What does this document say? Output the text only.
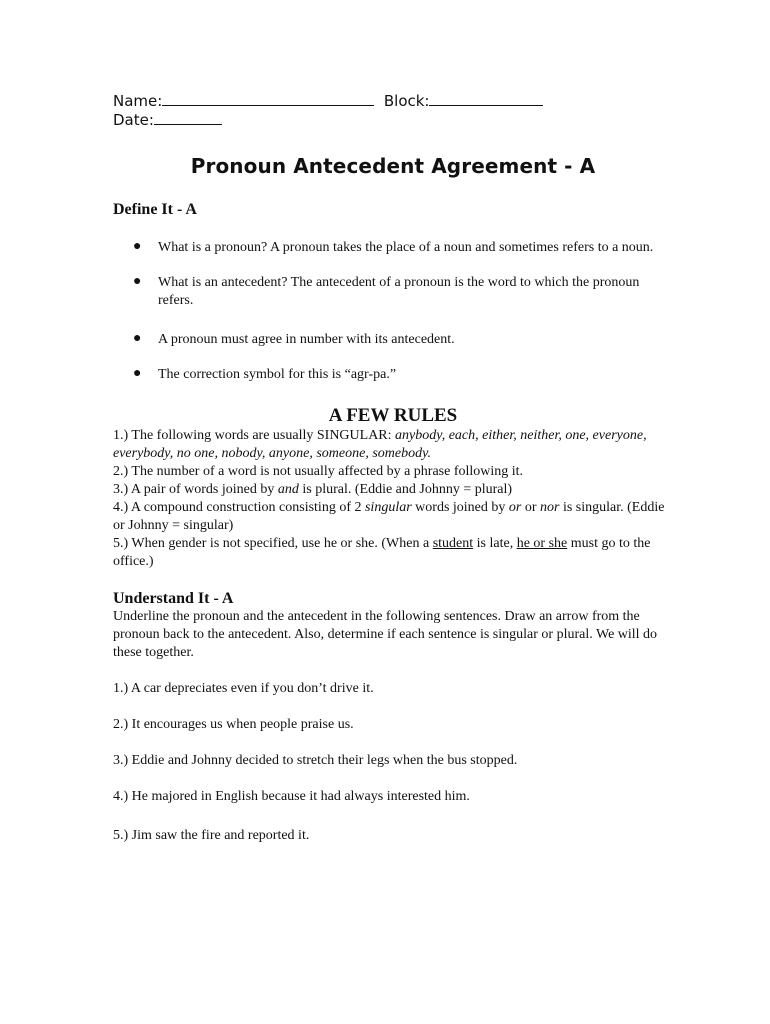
Name:	Block:
Date:
Pronoun Antecedent Agreement - A
Define It - A
● What is a pronoun? A pronoun takes the place of a noun and sometimes refers to a noun.
● What is an antecedent? The antecedent of a pronoun is the word to which the pronoun refers.
● A pronoun must agree in number with its antecedent.
● The correction symbol for this is “agr-pa.”
A FEW RULES

1.) The following words are usually SINGULAR: anybody, each, either, neither, one, everyone, everybody, no one, nobody, anyone, someone, somebody.

2.) The number of a word is not usually affected by a phrase following it.

3.) A pair of words joined by and is plural. (Eddie and Johnny = plural)

4.) A compound construction consisting of 2 singular words joined by or or nor is singular. (Eddie or Johnny = singular)

5.) When gender is not specified, use he or she. (When a student is late, he or she must go to the office.)

Understand It - A

Underline the pronoun and the antecedent in the following sentences. Draw an arrow from the pronoun back to the antecedent. Also, determine if each sentence is singular or plural. We will do these together.

1.) A car depreciates even if you don’t drive it.

2.) It encourages us when people praise us.

3.) Eddie and Johnny decided to stretch their legs when the bus stopped.

4.) He majored in English because it had always interested him.

5.) Jim saw the fire and reported it.
